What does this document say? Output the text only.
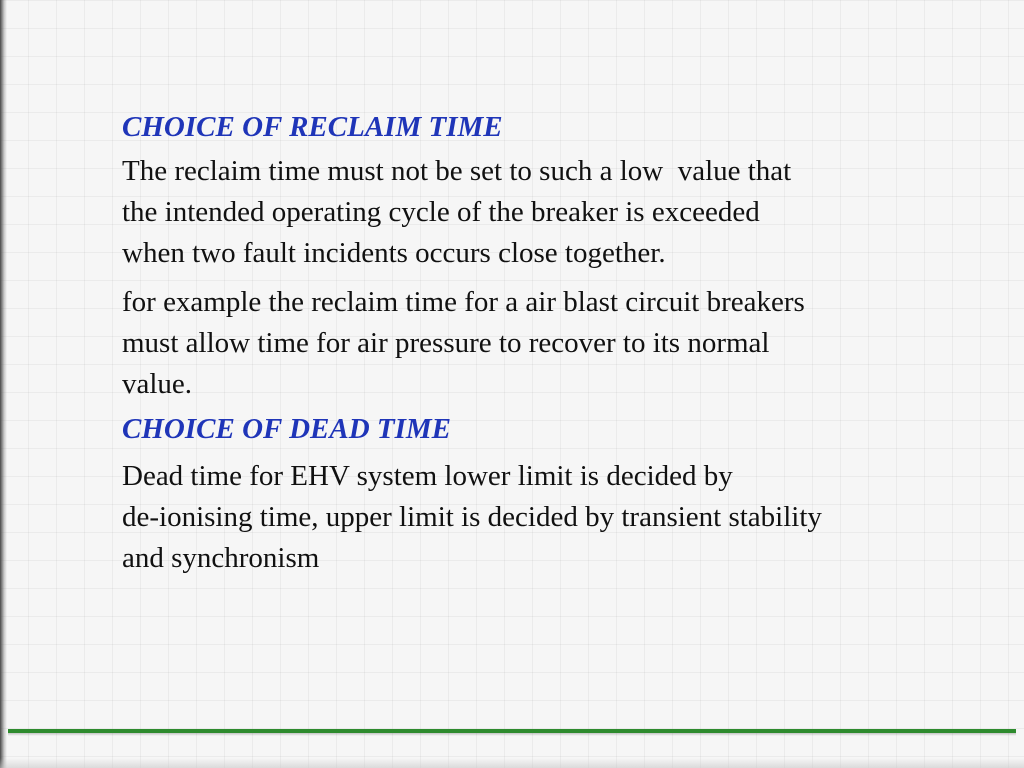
CHOICE OF RECLAIM TIME
The reclaim time must not be set to such a low  value that
the intended operating cycle of the breaker is exceeded
when two fault incidents occurs close together.
for example the reclaim time for a air blast circuit breakers
must allow time for air pressure to recover to its normal
value.
CHOICE OF DEAD TIME
Dead time for EHV system lower limit is decided by
de-ionising time, upper limit is decided by transient stability
and synchronism
